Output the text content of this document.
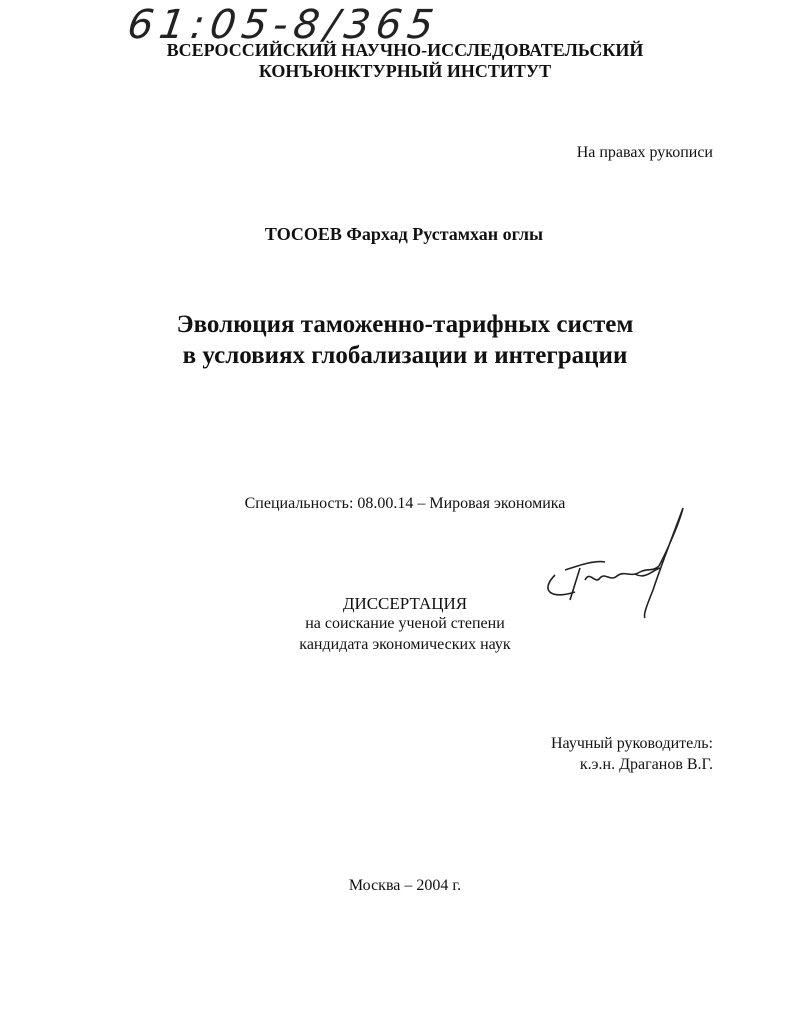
61:05-8/365
ВСЕРОССИЙСКИЙ НАУЧНО-ИССЛЕДОВАТЕЛЬСКИЙ
КОНЪЮНКТУРНЫЙ ИНСТИТУТ
На правах рукописи
ТОСОЕВ Фархад Рустамхан оглы
Эволюция таможенно-тарифных систем
в условиях глобализации и интеграции
Специальность: 08.00.14 – Мировая экономика
ДИССЕРТАЦИЯ
на соискание ученой степени
кандидата экономических наук
Научный руководитель:
к.э.н. Драганов В.Г.
Москва – 2004 г.
